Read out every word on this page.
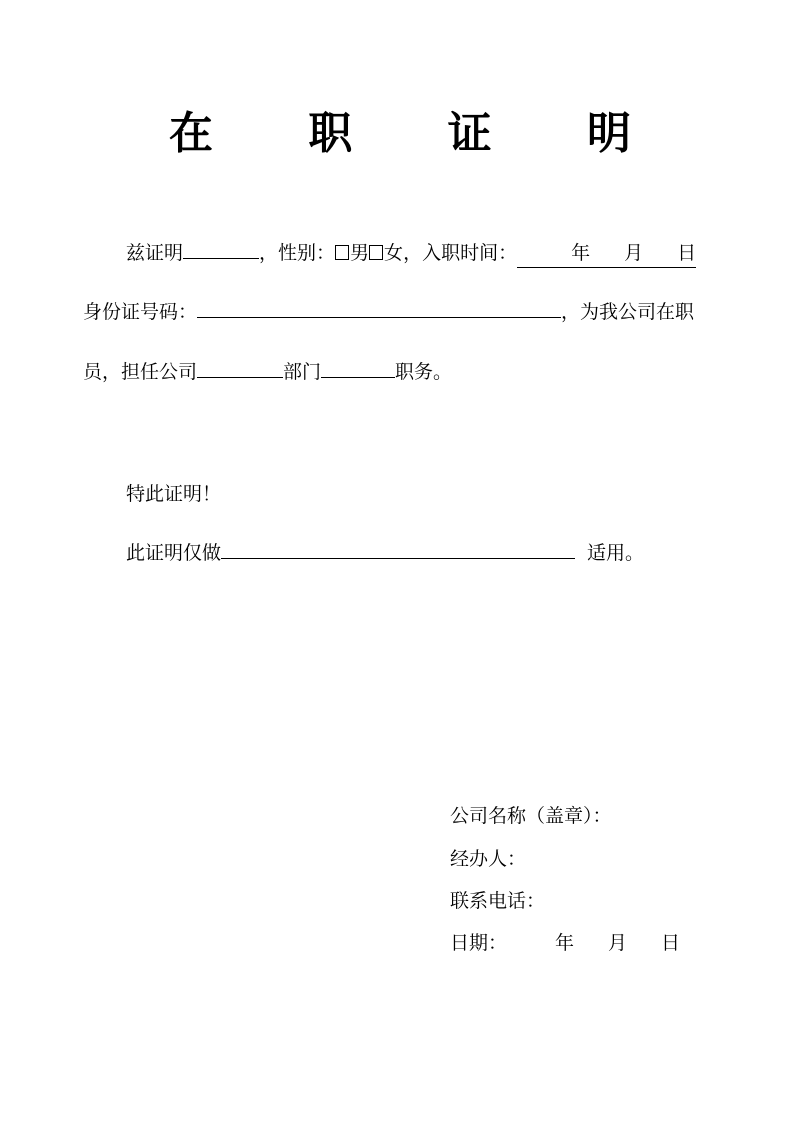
在 职 证 明
兹证明	，性别： 男 女，入职时间：	年 月 日
身份证号码：	，为我公司在职
员，担任公司	部门	职务。
特此证明！
此证明仅做	适用。
公司名称（盖章）：
经办人：
联系电话：
日期：	年 月 日
